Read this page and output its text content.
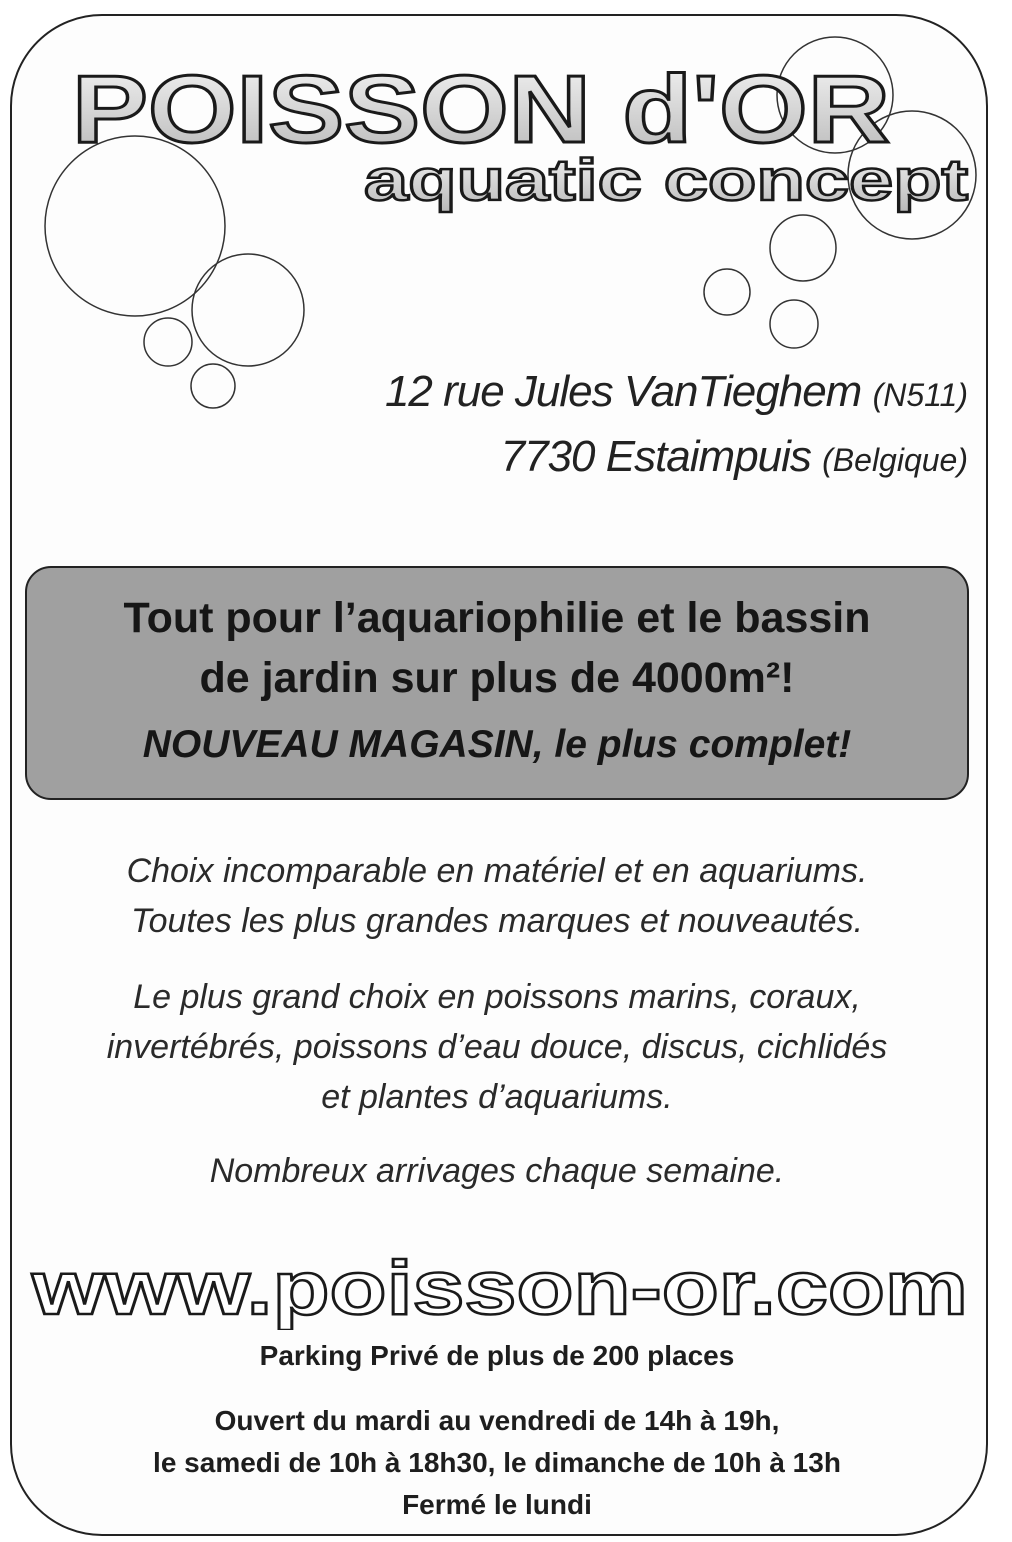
POISSON d'OR
aquatic concept
12 rue Jules VanTieghem (N511)
7730 Estaimpuis (Belgique)
Tout pour l’aquariophilie et le bassin
de jardin sur plus de 4000m²!
NOUVEAU MAGASIN, le plus complet!
Choix incomparable en matériel et en aquariums.
Toutes les plus grandes marques et nouveautés.
Le plus grand choix en poissons marins, coraux,
invertébrés, poissons d’eau douce, discus, cichlidés
et plantes d’aquariums.
Nombreux arrivages chaque semaine.
www.poisson-or.com
Parking Privé de plus de 200 places
Ouvert du mardi au vendredi de 14h à 19h,
le samedi de 10h à 18h30, le dimanche de 10h à 13h
Fermé le lundi
